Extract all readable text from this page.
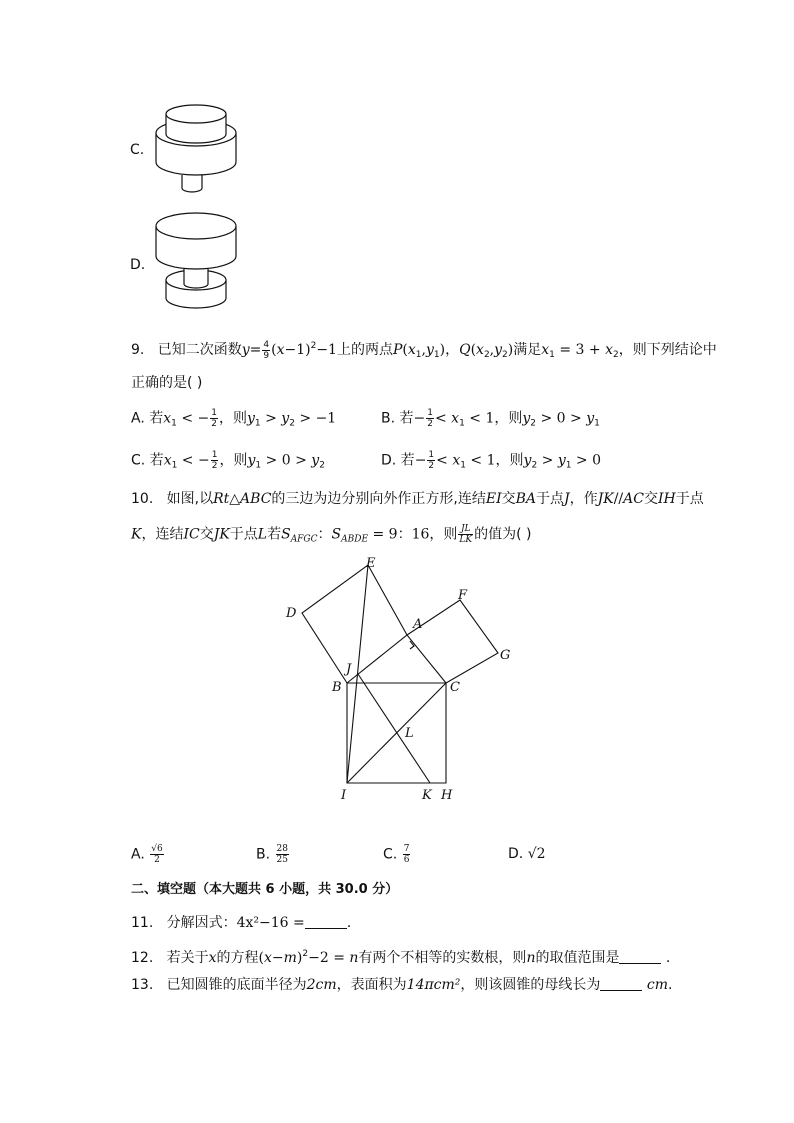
C.
D.
9. 已知二次函数$y= \frac{4}{9} (x-1)^2-1$上的两点$P(x_1,y_1)$，$Q(x_2,y_2)$满足$x_1 = 3 + x_2$，则下列结论中
正确的是( )
A. 若$x_1$ < − $\frac{1}{2}$ ，则$y_1 > y_2 > -1$	B. 若− $\frac{1}{2} < x_1 < 1$，则$y_2 > 0 > y_1$
C. 若$x_1$ < − $\frac{1}{2}$ ，则$y_1 > 0 > y_2$	D. 若− $\frac{1}{2} < x_1 < 1$，则$y_2 > y_1 > 0$
10. 如图,以Rt△ABC的三边为边分别向外作正方形,连结EI交BA于点J，作JK//AC交IH于点
K，连结IC交JK于点L若$S_{AFGC}$：$S_{ABDE} = 9$：16，则 $\frac{JL}{LK}$ 的值为( )
E
F
D
A
G
J
B	C
L
I	K H
A. $\frac{√6}{2}$	B. $\frac{28}{25}$	C. $\frac{7}{6}$	D. √2
二、填空题（本大题共 6 小题，共 30.0 分）
11. 分解因式：4x²−16 =	.
12. 若关于x的方程$(x-m)^2-2 = n$有两个不相等的实数根，则n的取值范围是	.
13. 已知圆锥的底面半径为2cm，表面积为14πcm²，则该圆锥的母线长为	cm.
